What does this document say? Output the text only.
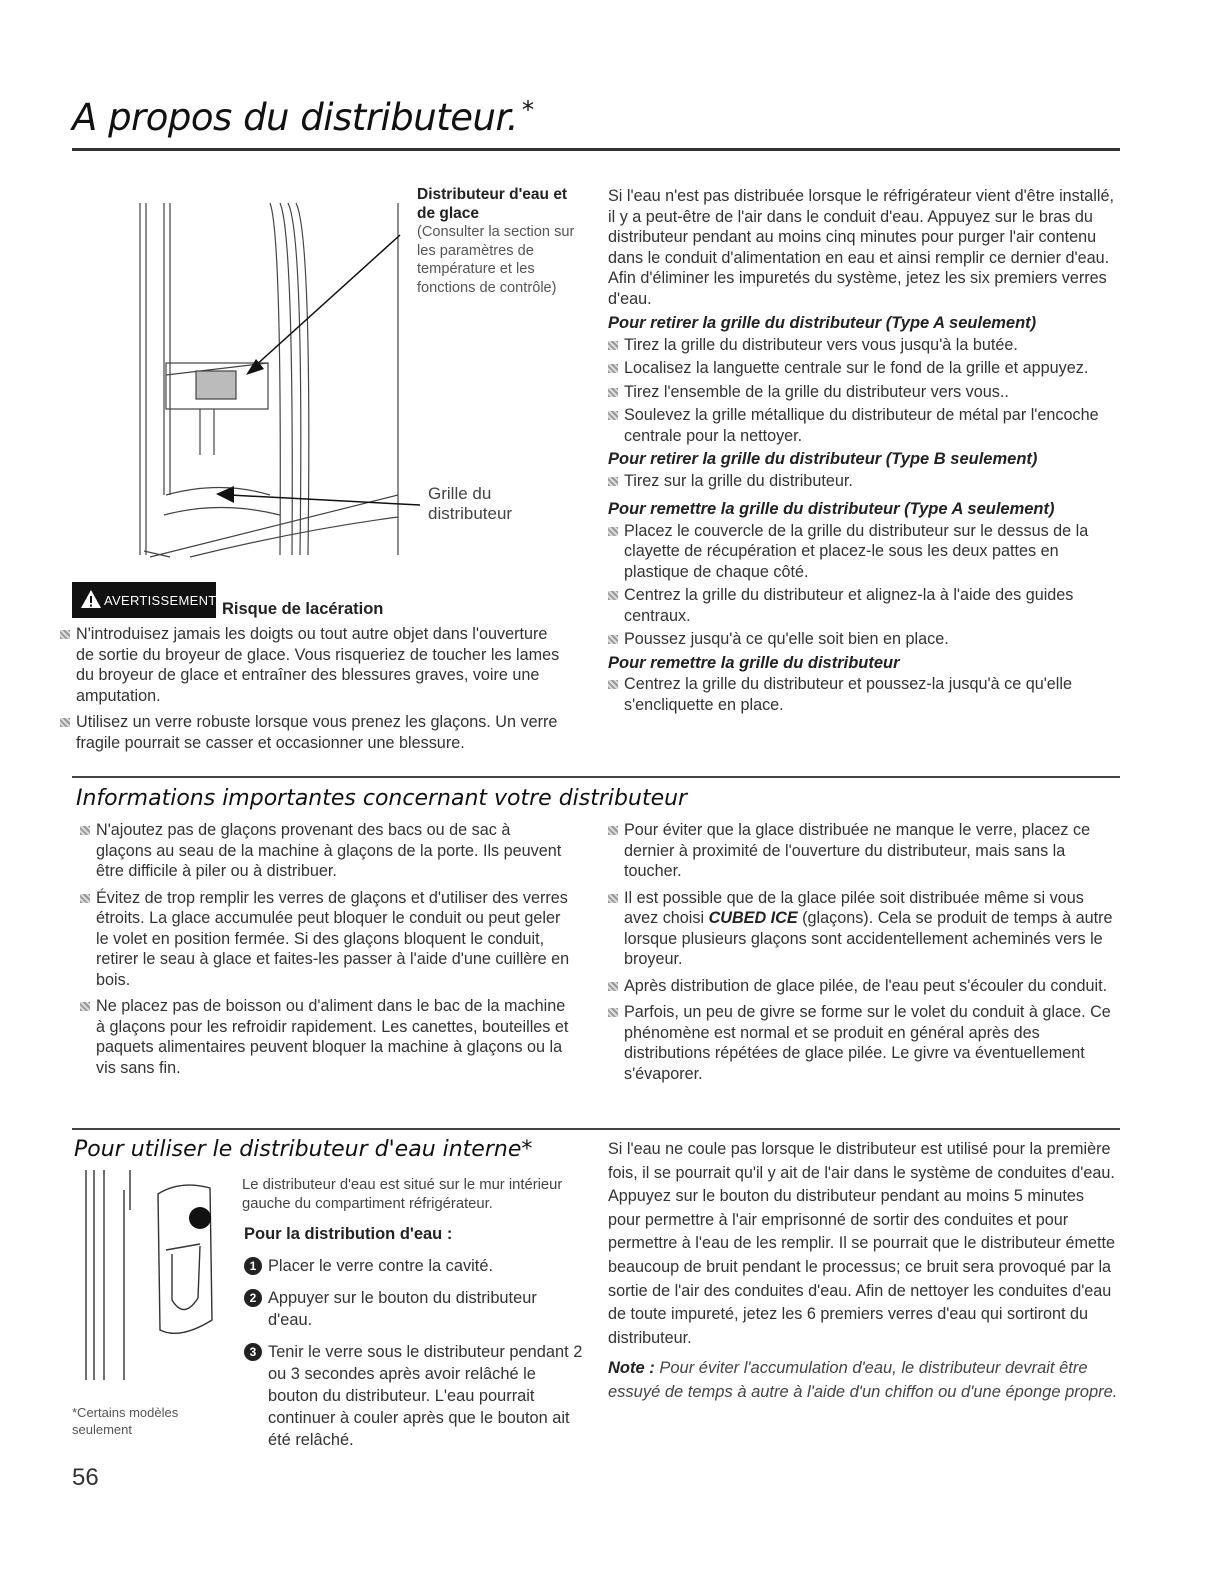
A propos du distributeur. *
Distributeur d'eau et de glace
(Consulter la section sur les paramètres de température et les fonctions de contrôle)
Grille du distributeur
AVERTISSEMENT Risque de lacération
N'introduisez jamais les doigts ou tout autre objet dans l'ouverture de sortie du broyeur de glace. Vous risqueriez de toucher les lames du broyeur de glace et entraîner des blessures graves, voire une amputation.
Utilisez un verre robuste lorsque vous prenez les glaçons. Un verre fragile pourrait se casser et occasionner une blessure.

Si l'eau n'est pas distribuée lorsque le réfrigérateur vient d'être installé, il y a peut-être de l'air dans le conduit d'eau. Appuyez sur le bras du distributeur pendant au moins cinq minutes pour purger l'air contenu dans le conduit d'alimentation en eau et ainsi remplir ce dernier d'eau. Afin d'éliminer les impuretés du système, jetez les six premiers verres d'eau.

Pour retirer la grille du distributeur (Type A seulement)
Tirez la grille du distributeur vers vous jusqu'à la butée.
Localisez la languette centrale sur le fond de la grille et appuyez.
Tirez l'ensemble de la grille du distributeur vers vous..
Soulevez la grille métallique du distributeur de métal par l'encoche centrale pour la nettoyer.
Pour retirer la grille du distributeur (Type B seulement)
Tirez sur la grille du distributeur.
Pour remettre la grille du distributeur (Type A seulement)
Placez le couvercle de la grille du distributeur sur le dessus de la clayette de récupération et placez-le sous les deux pattes en plastique de chaque côté.
Centrez la grille du distributeur et alignez-la à l'aide des guides centraux.
Poussez jusqu'à ce qu'elle soit bien en place.
Pour remettre la grille du distributeur
Centrez la grille du distributeur et poussez-la jusqu'à ce qu'elle s'encliquette en place.
Informations importantes concernant votre distributeur
N'ajoutez pas de glaçons provenant des bacs ou de sac à glaçons au seau de la machine à glaçons de la porte. Ils peuvent être difficile à piler ou à distribuer.
Évitez de trop remplir les verres de glaçons et d'utiliser des verres étroits. La glace accumulée peut bloquer le conduit ou peut geler le volet en position fermée. Si des glaçons bloquent le conduit, retirer le seau à glace et faites-les passer à l'aide d'une cuillère en bois.
Ne placez pas de boisson ou d'aliment dans le bac de la machine à glaçons pour les refroidir rapidement. Les canettes, bouteilles et paquets alimentaires peuvent bloquer la machine à glaçons ou la vis sans fin.
Pour éviter que la glace distribuée ne manque le verre, placez ce dernier à proximité de l'ouverture du distributeur, mais sans la toucher.
Il est possible que de la glace pilée soit distribuée même si vous avez choisi CUBED ICE (glaçons). Cela se produit de temps à autre lorsque plusieurs glaçons sont accidentellement acheminés vers le broyeur.
Après distribution de glace pilée, de l'eau peut s'écouler du conduit.
Parfois, un peu de givre se forme sur le volet du conduit à glace. Ce phénomène est normal et se produit en général après des distributions répétées de glace pilée. Le givre va éventuellement s'évaporer.
Pour utiliser le distributeur d'eau interne*
Le distributeur d'eau est situé sur le mur intérieur gauche du compartiment réfrigérateur.
Pour la distribution d'eau :
1 Placer le verre contre la cavité.
2 Appuyer sur le bouton du distributeur d'eau.
3 Tenir le verre sous le distributeur pendant 2 ou 3 secondes après avoir relâché le bouton du distributeur. L'eau pourrait continuer à couler après que le bouton ait été relâché.
*Certains modèles seulement

Si l'eau ne coule pas lorsque le distributeur est utilisé pour la première fois, il se pourrait qu'il y ait de l'air dans le système de conduites d'eau. Appuyez sur le bouton du distributeur pendant au moins 5 minutes pour permettre à l'air emprisonné de sortir des conduites et pour permettre à l'eau de les remplir. Il se pourrait que le distributeur émette beaucoup de bruit pendant le processus; ce bruit sera provoqué par la sortie de l'air des conduites d'eau. Afin de nettoyer les conduites d'eau de toute impureté, jetez les 6 premiers verres d'eau qui sortiront du distributeur.

Note : Pour éviter l'accumulation d'eau, le distributeur devrait être essuyé de temps à autre à l'aide d'un chiffon ou d'une éponge propre.

56
